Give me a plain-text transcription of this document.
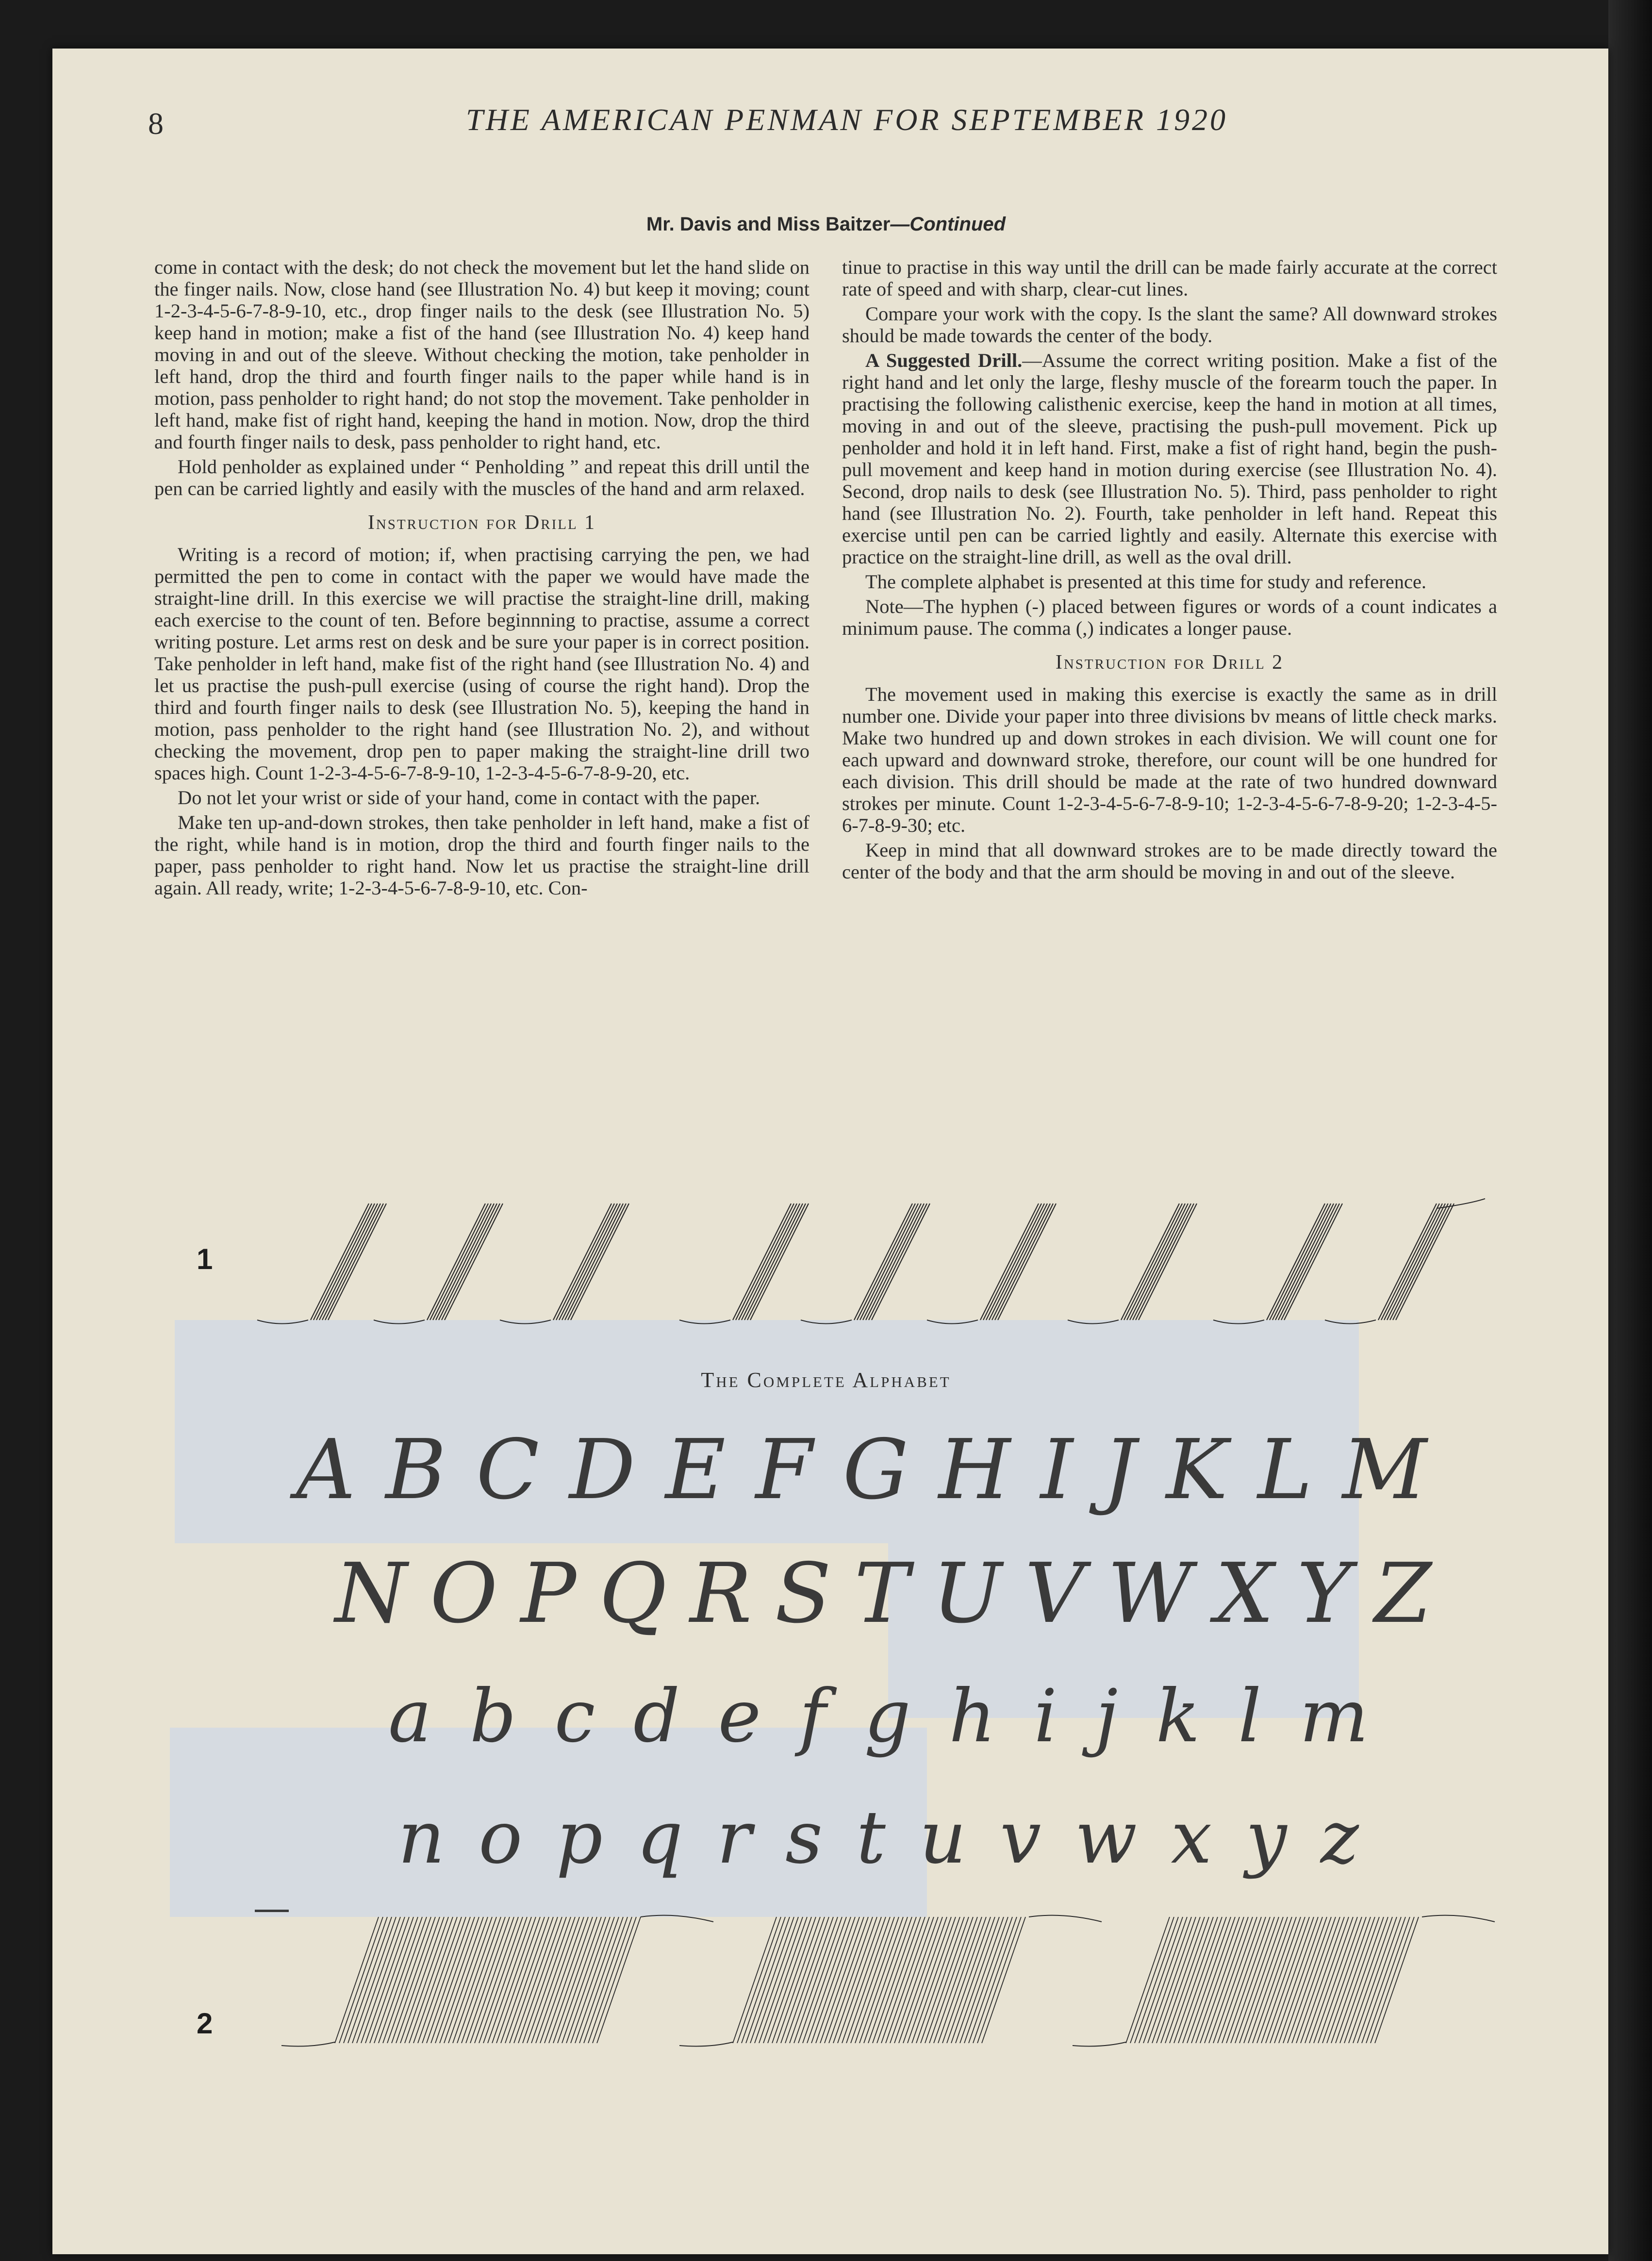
8	THE AMERICAN PENMAN FOR SEPTEMBER 1920
Mr. Davis and Miss Baitzer—Continued

come in contact with the desk; do not check the movement but let the hand slide on the finger nails. Now, close hand (see Illustration No. 4) but keep it moving; count 1-2-3-4-5-6-7-8-9-10, etc., drop finger nails to the desk (see Illustration No. 5) keep hand in motion; make a fist of the hand (see Illustration No. 4) keep hand moving in and out of the sleeve. Without checking the motion, take penholder in left hand, drop the third and fourth finger nails to the paper while hand is in motion, pass penholder to right hand; do not stop the movement. Take penholder in left hand, make fist of right hand, keeping the hand in motion. Now, drop the third and fourth finger nails to desk, pass penholder to right hand, etc.

Hold penholder as explained under “ Penholding ” and repeat this drill until the pen can be carried lightly and easily with the muscles of the hand and arm relaxed.

Instruction for Drill 1

Writing is a record of motion; if, when practising carrying the pen, we had permitted the pen to come in contact with the paper we would have made the straight-line drill. In this exercise we will practise the straight-line drill, making each exercise to the count of ten. Before beginnning to practise, assume a correct writing posture. Let arms rest on desk and be sure your paper is in correct position. Take penholder in left hand, make fist of the right hand (see Illustration No. 4) and let us practise the push-pull exercise (using of course the right hand). Drop the third and fourth finger nails to desk (see Illustration No. 5), keeping the hand in motion, pass penholder to the right hand (see Illustration No. 2), and without checking the movement, drop pen to paper making the straight-line drill two spaces high. Count 1-2-3-4-5-6-7-8-9-10, 1-2-3-4-5-6-7-8-9-20, etc.

Do not let your wrist or side of your hand, come in contact with the paper.

Make ten up-and-down strokes, then take penholder in left hand, make a fist of the right, while hand is in motion, drop the third and fourth finger nails to the paper, pass penholder to right hand. Now let us practise the straight-line drill again. All ready, write; 1-2-3-4-5-6-7-8-9-10, etc. Con-

tinue to practise in this way until the drill can be made fairly accurate at the correct rate of speed and with sharp, clear-cut lines.

Compare your work with the copy. Is the slant the same? All downward strokes should be made towards the center of the body.

A Suggested Drill.—Assume the correct writing position. Make a fist of the right hand and let only the large, fleshy muscle of the forearm touch the paper. In practising the following calisthenic exercise, keep the hand in motion at all times, moving in and out of the sleeve, practising the push-pull movement. Pick up penholder and hold it in left hand. First, make a fist of right hand, begin the push-pull movement and keep hand in motion during exercise (see Illustration No. 4). Second, drop nails to desk (see Illustration No. 5). Third, pass penholder to right hand (see Illustration No. 2). Fourth, take penholder in left hand. Repeat this exercise until pen can be carried lightly and easily. Alternate this exercise with practice on the straight-line drill, as well as the oval drill.

The complete alphabet is presented at this time for study and reference.

Note—The hyphen (-) placed between figures or words of a count indicates a minimum pause. The comma (,) indicates a longer pause.

Instruction for Drill 2

The movement used in making this exercise is exactly the same as in drill number one. Divide your paper into three divisions bv means of little check marks. Make two hundred up and down strokes in each division. We will count one for each upward and downward stroke, therefore, our count will be one hundred for each division. This drill should be made at the rate of two hundred downward strokes per minute. Count 1-2-3-4-5-6-7-8-9-10; 1-2-3-4-5-6-7-8-9-20; 1-2-3-4-5-6-7-8-9-30; etc.

Keep in mind that all downward strokes are to be made directly toward the center of the body and that the arm should be moving in and out of the sleeve.

1
The Complete Alphabet
A B C D E F G H I J K L M
N O P Q R S T U V W X Y Z
a b c d e f g h i j k l m
n o p q r s t u v w x y z
2
